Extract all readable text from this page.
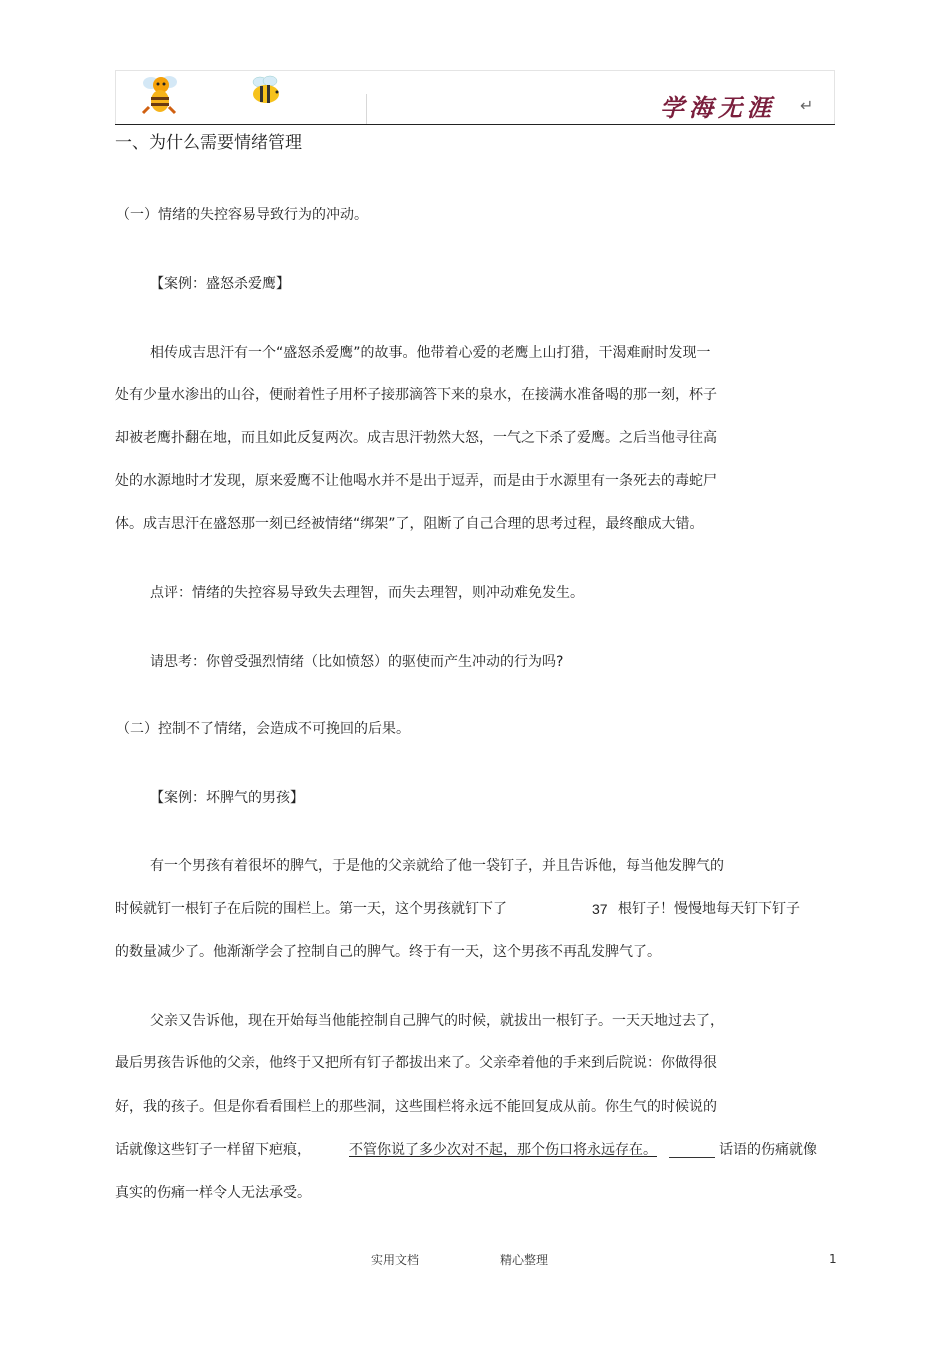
学海无涯 ↵
一、为什么需要情绪管理
（一）情绪的失控容易导致行为的冲动。
【案例：盛怒杀爱鹰】
相传成吉思汗有一个“盛怒杀爱鹰”的故事。他带着心爱的老鹰上山打猎，干渴难耐时发现一
处有少量水渗出的山谷，便耐着性子用杯子接那滴答下来的泉水，在接满水准备喝的那一刻，杯子
却被老鹰扑翻在地，而且如此反复两次。成吉思汗勃然大怒，一气之下杀了爱鹰。之后当他寻往高
处的水源地时才发现，原来爱鹰不让他喝水并不是出于逗弄，而是由于水源里有一条死去的毒蛇尸
体。成吉思汗在盛怒那一刻已经被情绪“绑架”了，阻断了自己合理的思考过程，最终酿成大错。
点评：情绪的失控容易导致失去理智，而失去理智，则冲动难免发生。
请思考：你曾受强烈情绪（比如愤怒）的驱使而产生冲动的行为吗?
（二）控制不了情绪，会造成不可挽回的后果。
【案例：坏脾气的男孩】
有一个男孩有着很坏的脾气，于是他的父亲就给了他一袋钉子，并且告诉他，每当他发脾气的
时候就钉一根钉子在后院的围栏上。第一天，这个男孩就钉下了	37 根钉子！慢慢地每天钉下钉子
的数量减少了。他渐渐学会了控制自己的脾气。终于有一天，这个男孩不再乱发脾气了。
父亲又告诉他，现在开始每当他能控制自己脾气的时候，就拔出一根钉子。一天天地过去了，
最后男孩告诉他的父亲，他终于又把所有钉子都拔出来了。父亲牵着他的手来到后院说：你做得很
好，我的孩子。但是你看看围栏上的那些洞，这些围栏将永远不能回复成从前。你生气的时候说的
话就像这些钉子一样留下疤痕，	不管你说了多少次对不起，那个伤口将永远存在。	话语的伤痛就像
真实的伤痛一样令人无法承受。
实用文档	精心整理	1
